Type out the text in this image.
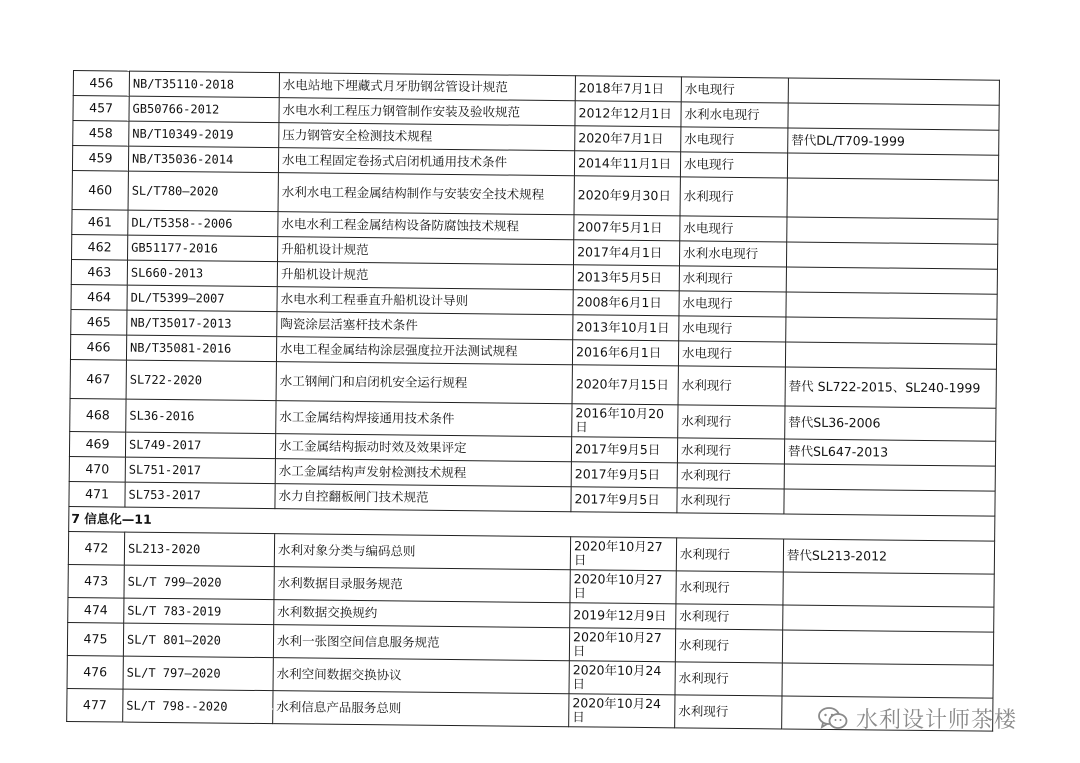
456	NB/T35110-2018	水电站地下埋藏式月牙肋钢岔管设计规范	2018年7月1日	水电现行	
457	GB50766-2012	水电水利工程压力钢管制作安装及验收规范	2012年12月1日	水利水电现行	
458	NB/T10349-2019	压力钢管安全检测技术规程	2020年7月1日	水电现行	替代DL/T709-1999
459	NB/T35036-2014	水电工程固定卷扬式启闭机通用技术条件	2014年11月1日	水电现行	
460	SL/T780—2020	水利水电工程金属结构制作与安装安全技术规程	2020年9月30日	水利现行	
461	DL/T5358--2006	水电水利工程金属结构设备防腐蚀技术规程	2007年5月1日	水电现行	
462	GB51177-2016	升船机设计规范	2017年4月1日	水利水电现行	
463	SL660-2013	升船机设计规范	2013年5月5日	水利现行	
464	DL/T5399—2007	水电水利工程垂直升船机设计导则	2008年6月1日	水电现行	
465	NB/T35017-2013	陶瓷涂层活塞杆技术条件	2013年10月1日	水电现行	
466	NB/T35081-2016	水电工程金属结构涂层强度拉开法测试规程	2016年6月1日	水电现行	
467	SL722-2020	水工钢闸门和启闭机安全运行规程	2020年7月15日	水利现行	替代 SL722-2015、SL240-1999
468	SL36-2016	水工金属结构焊接通用技术条件	2016年10月20日	水利现行	替代SL36-2006
469	SL749-2017	水工金属结构振动时效及效果评定	2017年9月5日	水利现行	替代SL647-2013
470	SL751-2017	水工金属结构声发射检测技术规程	2017年9月5日	水利现行	
471	SL753-2017	水力自控翻板闸门技术规范	2017年9月5日	水利现行	
7 信息化—11					
472	SL213-2020	水利对象分类与编码总则	2020年10月27日	水利现行	替代SL213-2012
473	SL/T 799—2020	水利数据目录服务规范	2020年10月27日	水利现行	
474	SL/T 783-2019	水利数据交换规约	2019年12月9日	水利现行	
475	SL/T 801—2020	水利一张图空间信息服务规范	2020年10月27日	水利现行	
476	SL/T 797—2020	水利空间数据交换协议	2020年10月24日	水利现行	
477	SL/T 798--2020	水利信息产品服务总则	2020年10月24日	水利现行		水利设计师茶楼
